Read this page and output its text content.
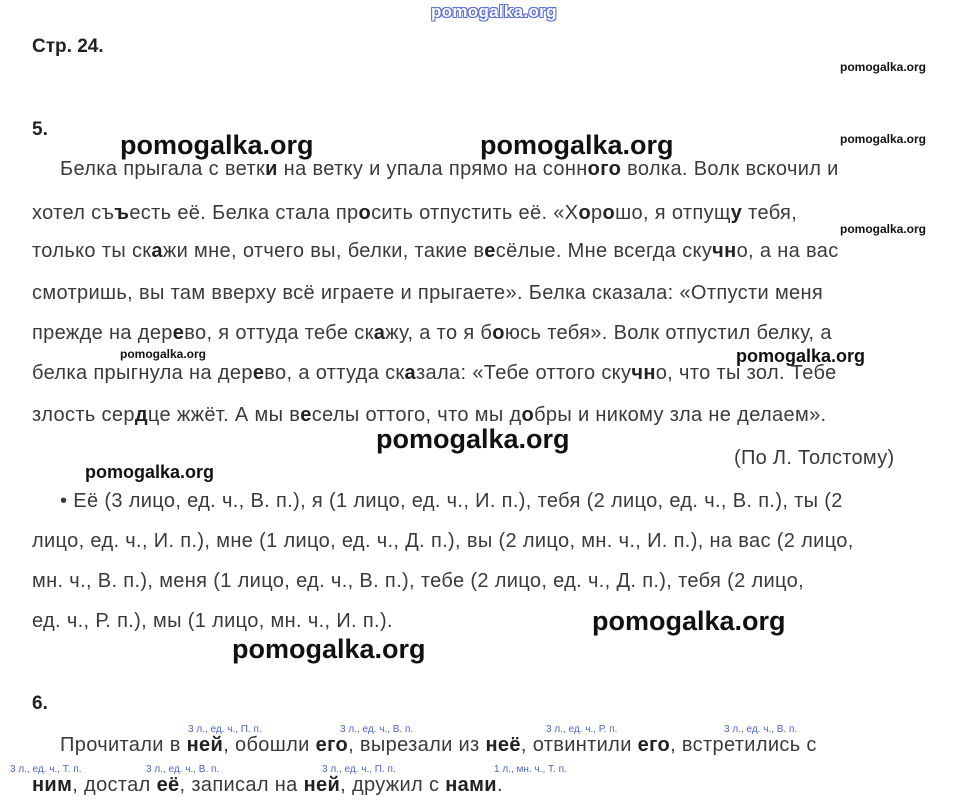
pomogalka.org
Стр. 24.
pomogalka.org
5.
pomogalka.org	pomogalka.org	pomogalka.org
Белка прыгала с ветки на ветку и упала прямо на сонного волка. Волк вскочил и
хотел съъесть её. Белка стала просить отпустить её. «Хорошо, я отпущу тебя,
pomogalka.org
только ты скажи мне, отчего вы, белки, такие весёлые. Мне всегда скучно, а на вас
смотришь, вы там вверху всё играете и прыгаете». Белка сказала: «Отпусти меня
прежде на дерево, я оттуда тебе скажу, а то я боюсь тебя». Волк отпустил белку, а
pomogalka.org	pomogalka.org
белка прыгнула на дерево, а оттуда сказала: «Тебе оттого скучно, что ты зол. Тебе
злость сердце жжёт. А мы веселы оттого, что мы добры и никому зла не делаем».
pomogalka.org
(По Л. Толстому)
pomogalka.org
• Её (3 лицо, ед. ч., В. п.), я (1 лицо, ед. ч., И. п.), тебя (2 лицо, ед. ч., В. п.), ты (2
лицо, ед. ч., И. п.), мне (1 лицо, ед. ч., Д. п.), вы (2 лицо, мн. ч., И. п.), на вас (2 лицо,
мн. ч., В. п.), меня (1 лицо, ед. ч., В. п.), тебе (2 лицо, ед. ч., Д. п.), тебя (2 лицо,
ед. ч., Р. п.), мы (1 лицо, мн. ч., И. п.).	pomogalka.org
pomogalka.org
6.
3 л., ед. ч., П. п.	3 л., ед. ч., В. п.	3 л., ед. ч., Р. п.	3 л., ед. ч., В. п.
Прочитали в ней, обошли его, вырезали из неё, отвинтили его, встретились с
3 л., ед. ч., Т. п.	3 л., ед. ч., В. п.	3 л., ед. ч., П. п.	1 л., мн. ч., Т. п.
ним, достал её, записал на ней, дружил с нами.
